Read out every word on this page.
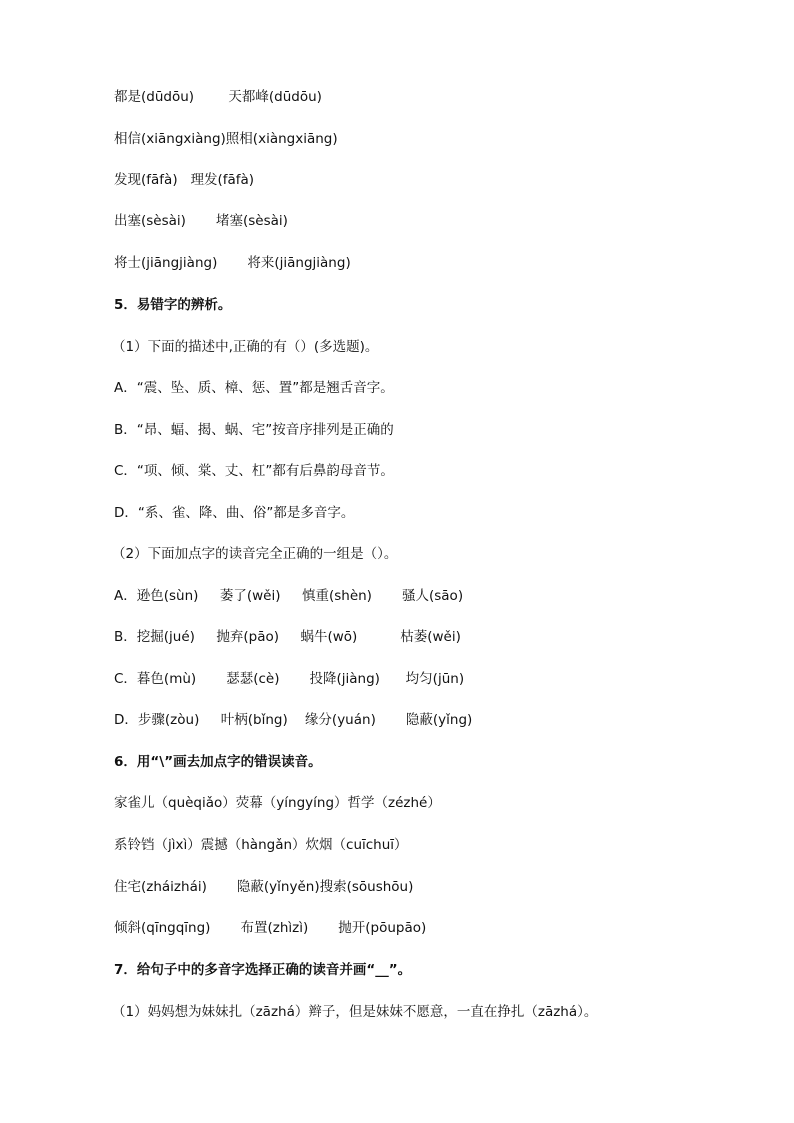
都是(dūdōu)        天都峰(dūdōu)
相信(xiāngxiàng)照相(xiàngxiāng)
发现(fāfà)   理发(fāfà)
出塞(sèsài)       堵塞(sèsài)
将士(jiāngjiàng)       将来(jiāngjiàng)
5．易错字的辨析。
（1）下面的描述中,正确的有（）(多选题)。
A．“震、坠、质、樟、惩、置”都是翘舌音字。
B．“昂、蝠、揭、蜗、宅”按音序排列是正确的
C．“项、倾、棠、丈、杠”都有后鼻韵母音节。
D．“系、雀、降、曲、俗”都是多音字。
（2）下面加点字的读音完全正确的一组是（）。
A．逊色(sùn)     萎了(wěi)     慎重(shèn)       骚人(sāo)
B．挖掘(jué)     抛弃(pāo)     蜗牛(wō)          枯萎(wěi)
C．暮色(mù)       瑟瑟(cè)       投降(jiàng)      均匀(jūn)
D．步骤(zòu)     叶柄(bǐng)    缘分(yuán)       隐蔽(yǐng)
6．用“\”画去加点字的错误读音。
家雀儿（quèqiǎo）荧幕（yíngyíng）哲学（zézhé）
系铃铛（jìxì）震撼（hàngǎn）炊烟（cuīchuī）
住宅(zháizhái)       隐蔽(yǐnyěn)搜索(sōushōu)
倾斜(qīngqīng)       布置(zhìzì)       抛开(pōupāo)
7．给句子中的多音字选择正确的读音并画“__”。
（1）妈妈想为妹妹扎（zāzhá）辫子，但是妹妹不愿意，一直在挣扎（zāzhá）。
